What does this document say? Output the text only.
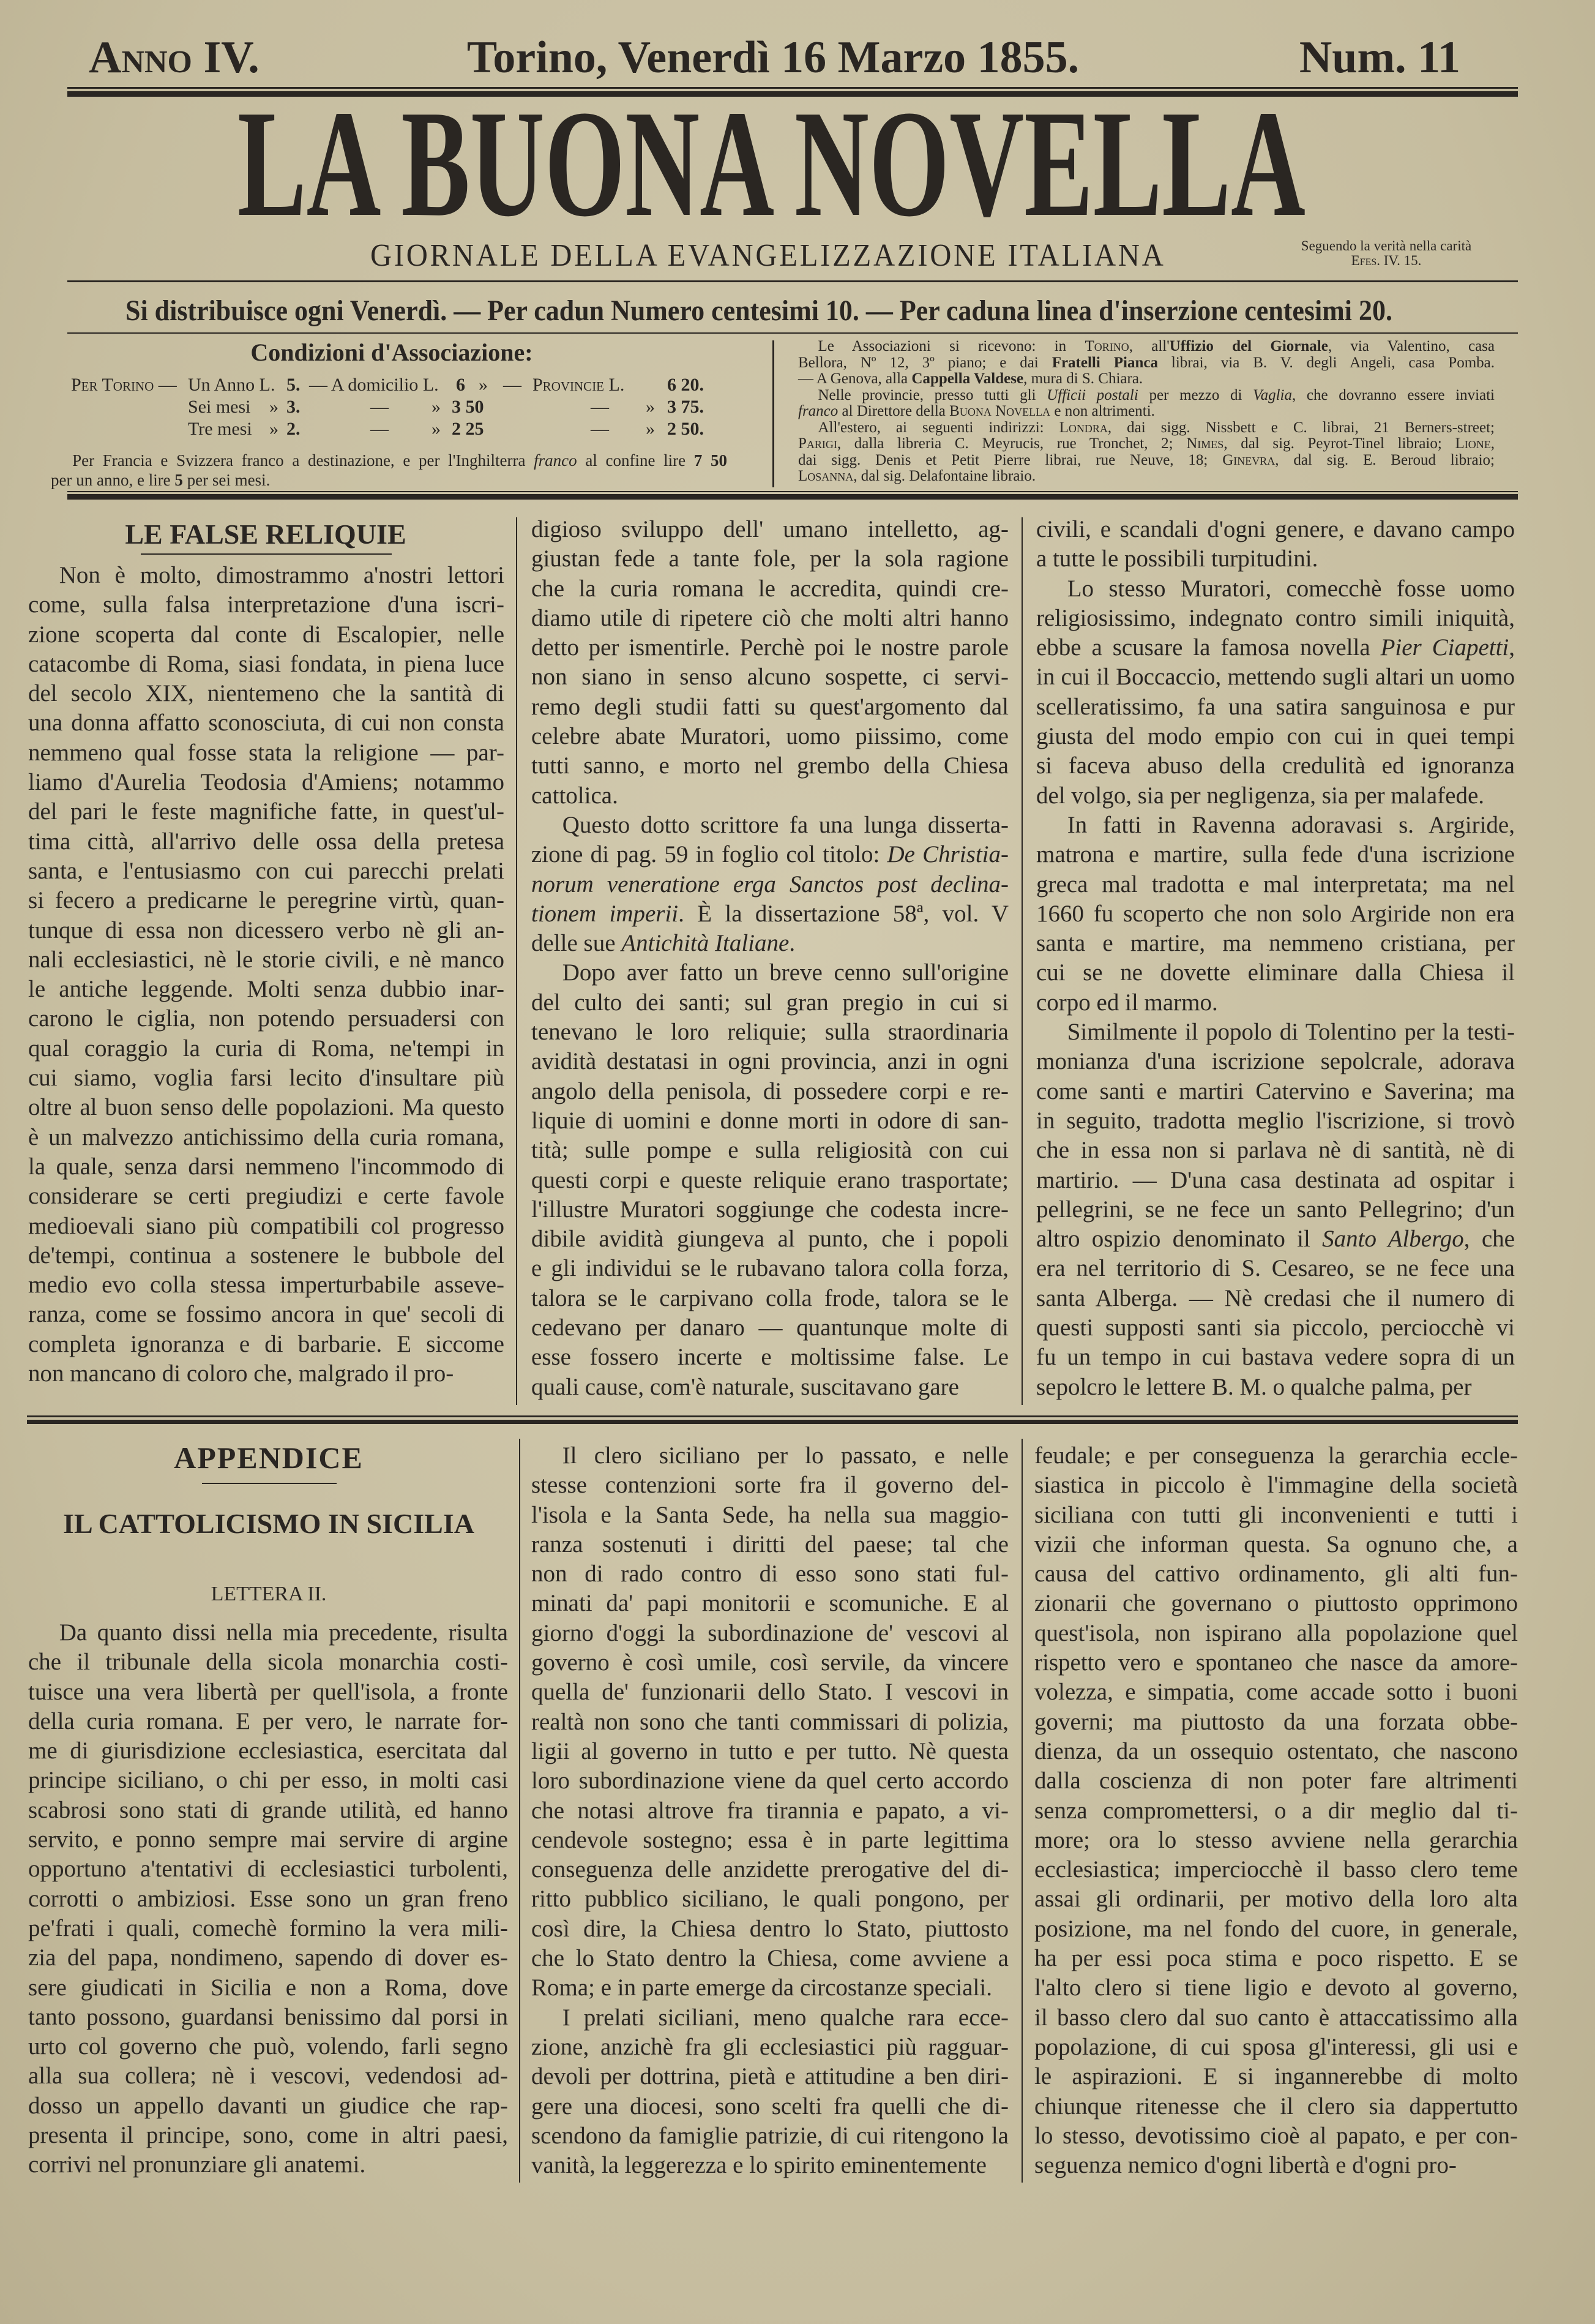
Anno IV.	Torino, Venerdì 16 Marzo 1855.	Num. 11
LA BUONA NOVELLA
GIORNALE DELLA EVANGELIZZAZIONE ITALIANA	Seguendo la verità nella carità
Efes. IV. 15.
Si distribuisce ogni Venerdì. — Per cadun Numero centesimi 10. — Per caduna linea d'inserzione centesimi 20.
Condizioni d'Associazione:
Per Torino — Un Anno L. 5. — A domicilio L. 6 » — Provincie L. 6 20.
Sei mesi » 3.	— » 3 50	— » 3 75.
Tre mesi » 2.	— » 2 25	— » 2 50.
Per Francia e Svizzera franco a destinazione, e per l'Inghilterra franco al confine lire 7 50
per un anno, e lire 5 per sei mesi.
Le Associazioni si ricevono: in Torino, all'Uffizio del Giornale, via Valentino, casa
Bellora, Nº 12, 3º piano; e dai Fratelli Pianca librai, via B. V. degli Angeli, casa Pomba.
— A Genova, alla Cappella Valdese, mura di S. Chiara.
Nelle provincie, presso tutti gli Ufficii postali per mezzo di Vaglia, che dovranno essere inviati
franco al Direttore della Buona Novella e non altrimenti.
All'estero, ai seguenti indirizzi: Londra, dai sigg. Nissbett e C. librai, 21 Berners-street;
Parigi, dalla libreria C. Meyrucis, rue Tronchet, 2; Nimes, dal sig. Peyrot-Tinel libraio; Lione,
dai sigg. Denis et Petit Pierre librai, rue Neuve, 18; Ginevra, dal sig. E. Beroud libraio;
Losanna, dal sig. Delafontaine libraio.
LE FALSE RELIQUIE
Non è molto, dimostrammo a'nostri lettori
come, sulla falsa interpretazione d'una iscri-
zione scoperta dal conte di Escalopier, nelle
catacombe di Roma, siasi fondata, in piena luce
del secolo XIX, nientemeno che la santità di
una donna affatto sconosciuta, di cui non consta
nemmeno qual fosse stata la religione — par-
liamo d'Aurelia Teodosia d'Amiens; notammo
del pari le feste magnifiche fatte, in quest'ul-
tima città, all'arrivo delle ossa della pretesa
santa, e l'entusiasmo con cui parecchi prelati
si fecero a predicarne le peregrine virtù, quan-
tunque di essa non dicessero verbo nè gli an-
nali ecclesiastici, nè le storie civili, e nè manco
le antiche leggende. Molti senza dubbio inar-
carono le ciglia, non potendo persuadersi con
qual coraggio la curia di Roma, ne'tempi in
cui siamo, voglia farsi lecito d'insultare più
oltre al buon senso delle popolazioni. Ma questo
è un malvezzo antichissimo della curia romana,
la quale, senza darsi nemmeno l'incommodo di
considerare se certi pregiudizi e certe favole
medioevali siano più compatibili col progresso
de'tempi, continua a sostenere le bubbole del
medio evo colla stessa imperturbabile asseve-
ranza, come se fossimo ancora in que' secoli di
completa ignoranza e di barbarie. E siccome
non mancano di coloro che, malgrado il pro-
digioso sviluppo dell' umano intelletto, ag-
giustan fede a tante fole, per la sola ragione
che la curia romana le accredita, quindi cre-
diamo utile di ripetere ciò che molti altri hanno
detto per ismentirle. Perchè poi le nostre parole
non siano in senso alcuno sospette, ci servi-
remo degli studii fatti su quest'argomento dal
celebre abate Muratori, uomo piissimo, come
tutti sanno, e morto nel grembo della Chiesa
cattolica.
Questo dotto scrittore fa una lunga disserta-
zione di pag. 59 in foglio col titolo: De Christia-
norum veneratione erga Sanctos post declina-
tionem imperii. È la dissertazione 58ª, vol. V
delle sue Antichità Italiane.
Dopo aver fatto un breve cenno sull'origine
del culto dei santi; sul gran pregio in cui si
tenevano le loro reliquie; sulla straordinaria
avidità destatasi in ogni provincia, anzi in ogni
angolo della penisola, di possedere corpi e re-
liquie di uomini e donne morti in odore di san-
tità; sulle pompe e sulla religiosità con cui
questi corpi e queste reliquie erano trasportate;
l'illustre Muratori soggiunge che codesta incre-
dibile avidità giungeva al punto, che i popoli
e gli individui se le rubavano talora colla forza,
talora se le carpivano colla frode, talora se le
cedevano per danaro — quantunque molte di
esse fossero incerte e moltissime false. Le
quali cause, com'è naturale, suscitavano gare
civili, e scandali d'ogni genere, e davano campo
a tutte le possibili turpitudini.
Lo stesso Muratori, comecchè fosse uomo
religiosissimo, indegnato contro simili iniquità,
ebbe a scusare la famosa novella Pier Ciapetti,
in cui il Boccaccio, mettendo sugli altari un uomo
scelleratissimo, fa una satira sanguinosa e pur
giusta del modo empio con cui in quei tempi
si faceva abuso della credulità ed ignoranza
del volgo, sia per negligenza, sia per malafede.
In fatti in Ravenna adoravasi s. Argiride,
matrona e martire, sulla fede d'una iscrizione
greca mal tradotta e mal interpretata; ma nel
1660 fu scoperto che non solo Argiride non era
santa e martire, ma nemmeno cristiana, per
cui se ne dovette eliminare dalla Chiesa il
corpo ed il marmo.
Similmente il popolo di Tolentino per la testi-
monianza d'una iscrizione sepolcrale, adorava
come santi e martiri Catervino e Saverina; ma
in seguito, tradotta meglio l'iscrizione, si trovò
che in essa non si parlava nè di santità, nè di
martirio. — D'una casa destinata ad ospitar i
pellegrini, se ne fece un santo Pellegrino; d'un
altro ospizio denominato il Santo Albergo, che
era nel territorio di S. Cesareo, se ne fece una
santa Alberga. — Nè credasi che il numero di
questi supposti santi sia piccolo, perciocchè vi
fu un tempo in cui bastava vedere sopra di un
sepolcro le lettere B. M. o qualche palma, per
APPENDICE
IL CATTOLICISMO IN SICILIA
LETTERA II.
Da quanto dissi nella mia precedente, risulta
che il tribunale della sicola monarchia costi-
tuisce una vera libertà per quell'isola, a fronte
della curia romana. E per vero, le narrate for-
me di giurisdizione ecclesiastica, esercitata dal
principe siciliano, o chi per esso, in molti casi
scabrosi sono stati di grande utilità, ed hanno
servito, e ponno sempre mai servire di argine
opportuno a'tentativi di ecclesiastici turbolenti,
corrotti o ambiziosi. Esse sono un gran freno
pe'frati i quali, comechè formino la vera mili-
zia del papa, nondimeno, sapendo di dover es-
sere giudicati in Sicilia e non a Roma, dove
tanto possono, guardansi benissimo dal porsi in
urto col governo che può, volendo, farli segno
alla sua collera; nè i vescovi, vedendosi ad-
dosso un appello davanti un giudice che rap-
presenta il principe, sono, come in altri paesi,
corrivi nel pronunziare gli anatemi.
Il clero siciliano per lo passato, e nelle
stesse contenzioni sorte fra il governo del-
l'isola e la Santa Sede, ha nella sua maggio-
ranza sostenuti i diritti del paese; tal che
non di rado contro di esso sono stati ful-
minati da' papi monitorii e scomuniche. E al
giorno d'oggi la subordinazione de' vescovi al
governo è così umile, così servile, da vincere
quella de' funzionarii dello Stato. I vescovi in
realtà non sono che tanti commissari di polizia,
ligii al governo in tutto e per tutto. Nè questa
loro subordinazione viene da quel certo accordo
che notasi altrove fra tirannia e papato, a vi-
cendevole sostegno; essa è in parte legittima
conseguenza delle anzidette prerogative del di-
ritto pubblico siciliano, le quali pongono, per
così dire, la Chiesa dentro lo Stato, piuttosto
che lo Stato dentro la Chiesa, come avviene a
Roma; e in parte emerge da circostanze speciali.
I prelati siciliani, meno qualche rara ecce-
zione, anzichè fra gli ecclesiastici più ragguar-
devoli per dottrina, pietà e attitudine a ben diri-
gere una diocesi, sono scelti fra quelli che di-
scendono da famiglie patrizie, di cui ritengono la
vanità, la leggerezza e lo spirito eminentemente
feudale; e per conseguenza la gerarchia eccle-
siastica in piccolo è l'immagine della società
siciliana con tutti gli inconvenienti e tutti i
vizii che informan questa. Sa ognuno che, a
causa del cattivo ordinamento, gli alti fun-
zionarii che governano o piuttosto opprimono
quest'isola, non ispirano alla popolazione quel
rispetto vero e spontaneo che nasce da amore-
volezza, e simpatia, come accade sotto i buoni
governi; ma piuttosto da una forzata obbe-
dienza, da un ossequio ostentato, che nascono
dalla coscienza di non poter fare altrimenti
senza compromettersi, o a dir meglio dal ti-
more; ora lo stesso avviene nella gerarchia
ecclesiastica; imperciocchè il basso clero teme
assai gli ordinarii, per motivo della loro alta
posizione, ma nel fondo del cuore, in generale,
ha per essi poca stima e poco rispetto. E se
l'alto clero si tiene ligio e devoto al governo,
il basso clero dal suo canto è attaccatissimo alla
popolazione, di cui sposa gl'interessi, gli usi e
le aspirazioni. E si ingannerebbe di molto
chiunque ritenesse che il clero sia dappertutto
lo stesso, devotissimo cioè al papato, e per con-
seguenza nemico d'ogni libertà e d'ogni pro-
